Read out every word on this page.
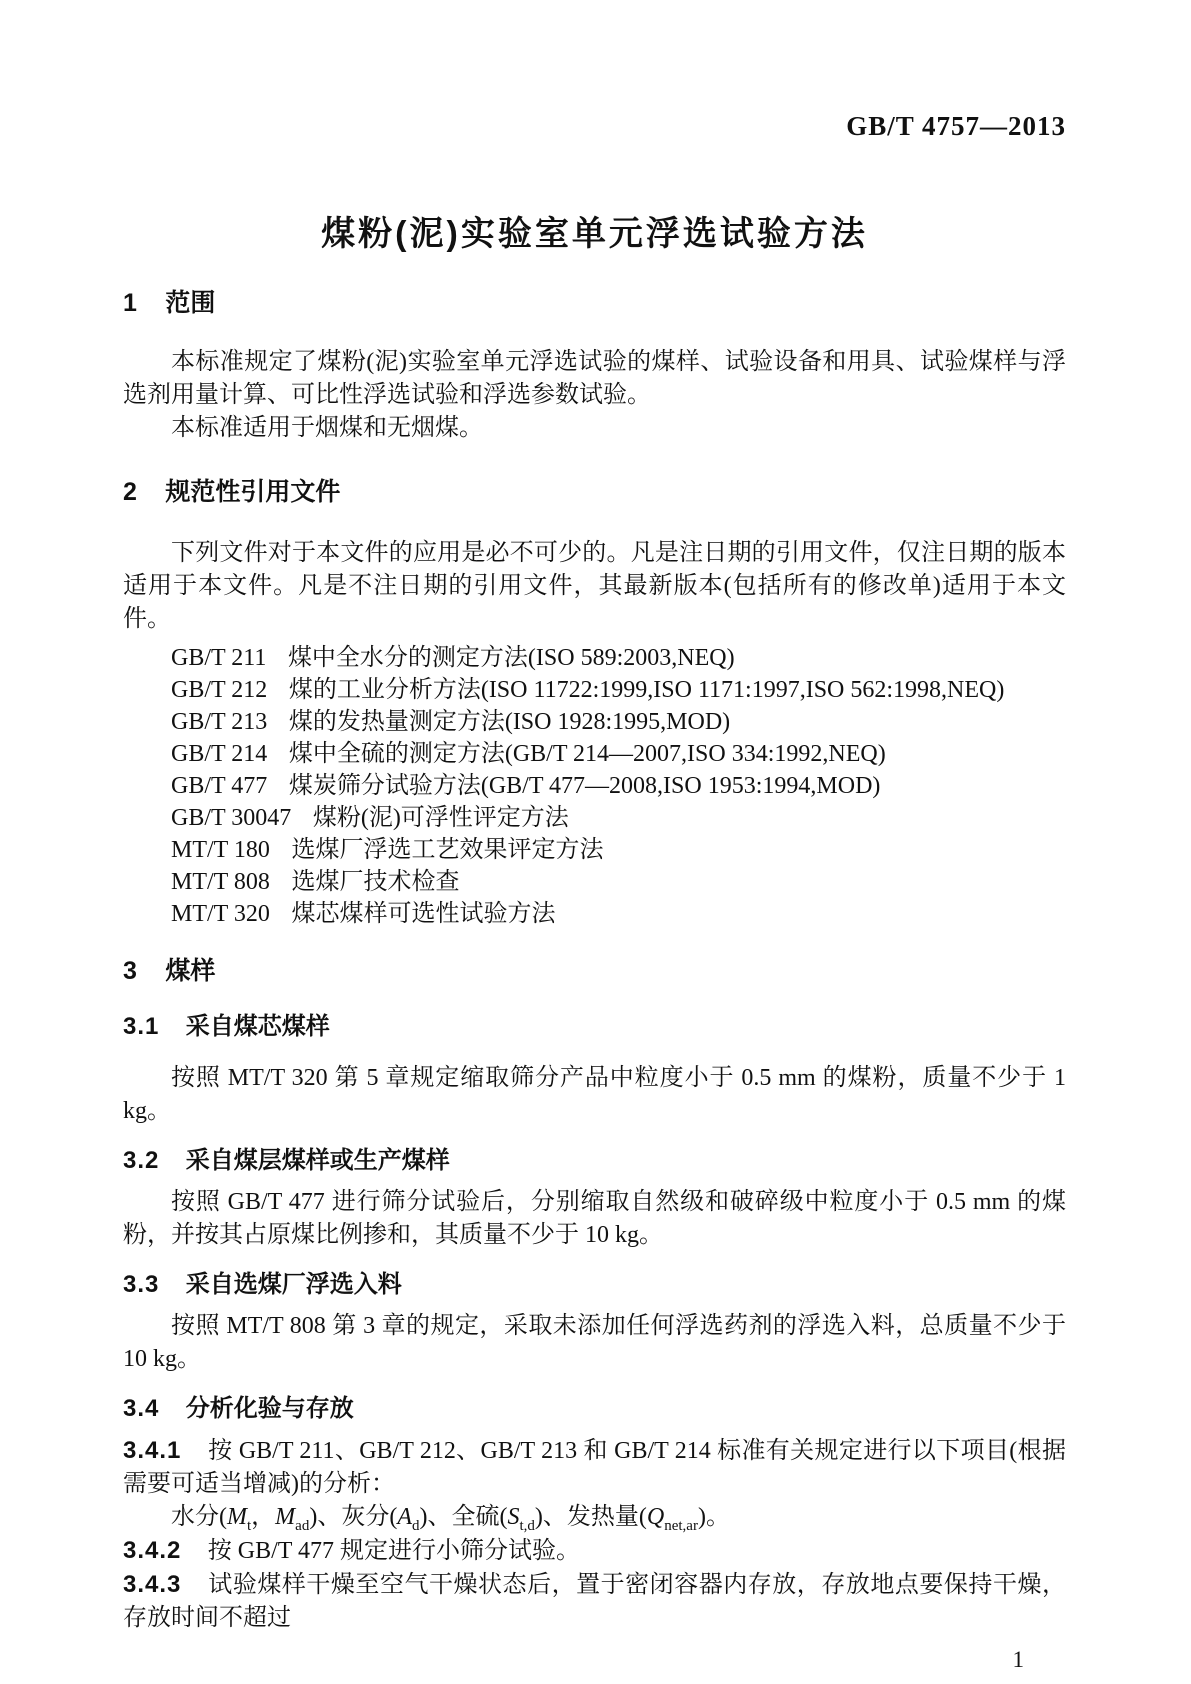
GB/T 4757—2013
煤粉(泥)实验室单元浮选试验方法
1 范围

本标准规定了煤粉(泥)实验室单元浮选试验的煤样、试验设备和用具、试验煤样与浮选剂用量计算、可比性浮选试验和浮选参数试验。

本标准适用于烟煤和无烟煤。

2 规范性引用文件

下列文件对于本文件的应用是必不可少的。凡是注日期的引用文件，仅注日期的版本适用于本文件。凡是不注日期的引用文件，其最新版本(包括所有的修改单)适用于本文件。

GB/T 211 煤中全水分的测定方法(ISO 589:2003,NEQ)
GB/T 212 煤的工业分析方法(ISO 11722:1999,ISO 1171:1997,ISO 562:1998,NEQ)
GB/T 213 煤的发热量测定方法(ISO 1928:1995,MOD)
GB/T 214 煤中全硫的测定方法(GB/T 214—2007,ISO 334:1992,NEQ)
GB/T 477 煤炭筛分试验方法(GB/T 477—2008,ISO 1953:1994,MOD)
GB/T 30047 煤粉(泥)可浮性评定方法
MT/T 180 选煤厂浮选工艺效果评定方法
MT/T 808 选煤厂技术检查
MT/T 320 煤芯煤样可选性试验方法
3 煤样
3.1 采自煤芯煤样

按照 MT/T 320 第 5 章规定缩取筛分产品中粒度小于 0.5 mm 的煤粉，质量不少于 1 kg。

3.2 采自煤层煤样或生产煤样

按照 GB/T 477 进行筛分试验后，分别缩取自然级和破碎级中粒度小于 0.5 mm 的煤粉，并按其占原煤比例掺和，其质量不少于 10 kg。

3.3 采自选煤厂浮选入料

按照 MT/T 808 第 3 章的规定，采取未添加任何浮选药剂的浮选入料，总质量不少于 10 kg。

3.4 分析化验与存放

3.4.1 按 GB/T 211、GB/T 212、GB/T 213 和 GB/T 214 标准有关规定进行以下项目(根据需要可适当增减)的分析：

水分($M_t$，$M_{ad}$)、灰分$(A_d)$、全硫$(S_{t,d})$、发热量$(Q_{net,ar})$。

3.4.2 按 GB/T 477 规定进行小筛分试验。

3.4.3 试验煤样干燥至空气干燥状态后，置于密闭容器内存放，存放地点要保持干燥，存放时间不超过

1
